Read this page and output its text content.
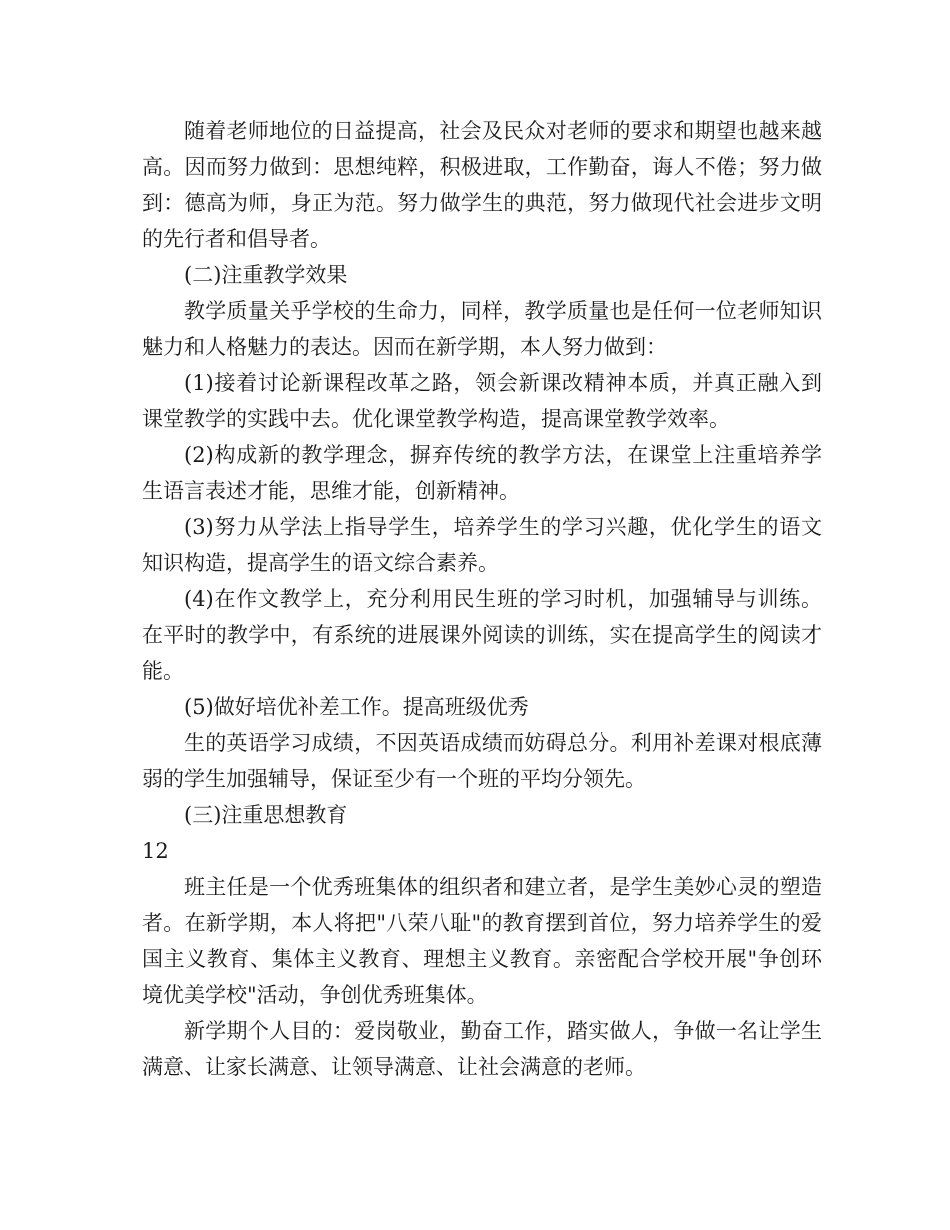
随着老师地位的日益提高，社会及民众对老师的要求和期望也越来越高。因而努力做到：思想纯粹，积极进取，工作勤奋，诲人不倦；努力做到：德高为师，身正为范。努力做学生的典范，努力做现代社会进步文明的先行者和倡导者。

(二)注重教学效果

教学质量关乎学校的生命力，同样，教学质量也是任何一位老师知识魅力和人格魅力的表达。因而在新学期，本人努力做到：

(1)接着讨论新课程改革之路，领会新课改精神本质，并真正融入到课堂教学的实践中去。优化课堂教学构造，提高课堂教学效率。

(2)构成新的教学理念，摒弃传统的教学方法，在课堂上注重培养学生语言表述才能，思维才能，创新精神。

(3)努力从学法上指导学生，培养学生的学习兴趣，优化学生的语文知识构造，提高学生的语文综合素养。

(4)在作文教学上，充分利用民生班的学习时机，加强辅导与训练。在平时的教学中，有系统的进展课外阅读的训练，实在提高学生的阅读才能。

(5)做好培优补差工作。提高班级优秀

生的英语学习成绩，不因英语成绩而妨碍总分。利用补差课对根底薄弱的学生加强辅导，保证至少有一个班的平均分领先。

(三)注重思想教育

12

班主任是一个优秀班集体的组织者和建立者，是学生美妙心灵的塑造者。在新学期，本人将把"八荣八耻"的教育摆到首位，努力培养学生的爱国主义教育、集体主义教育、理想主义教育。亲密配合学校开展"争创环境优美学校"活动，争创优秀班集体。

新学期个人目的：爱岗敬业，勤奋工作，踏实做人，争做一名让学生满意、让家长满意、让领导满意、让社会满意的老师。
